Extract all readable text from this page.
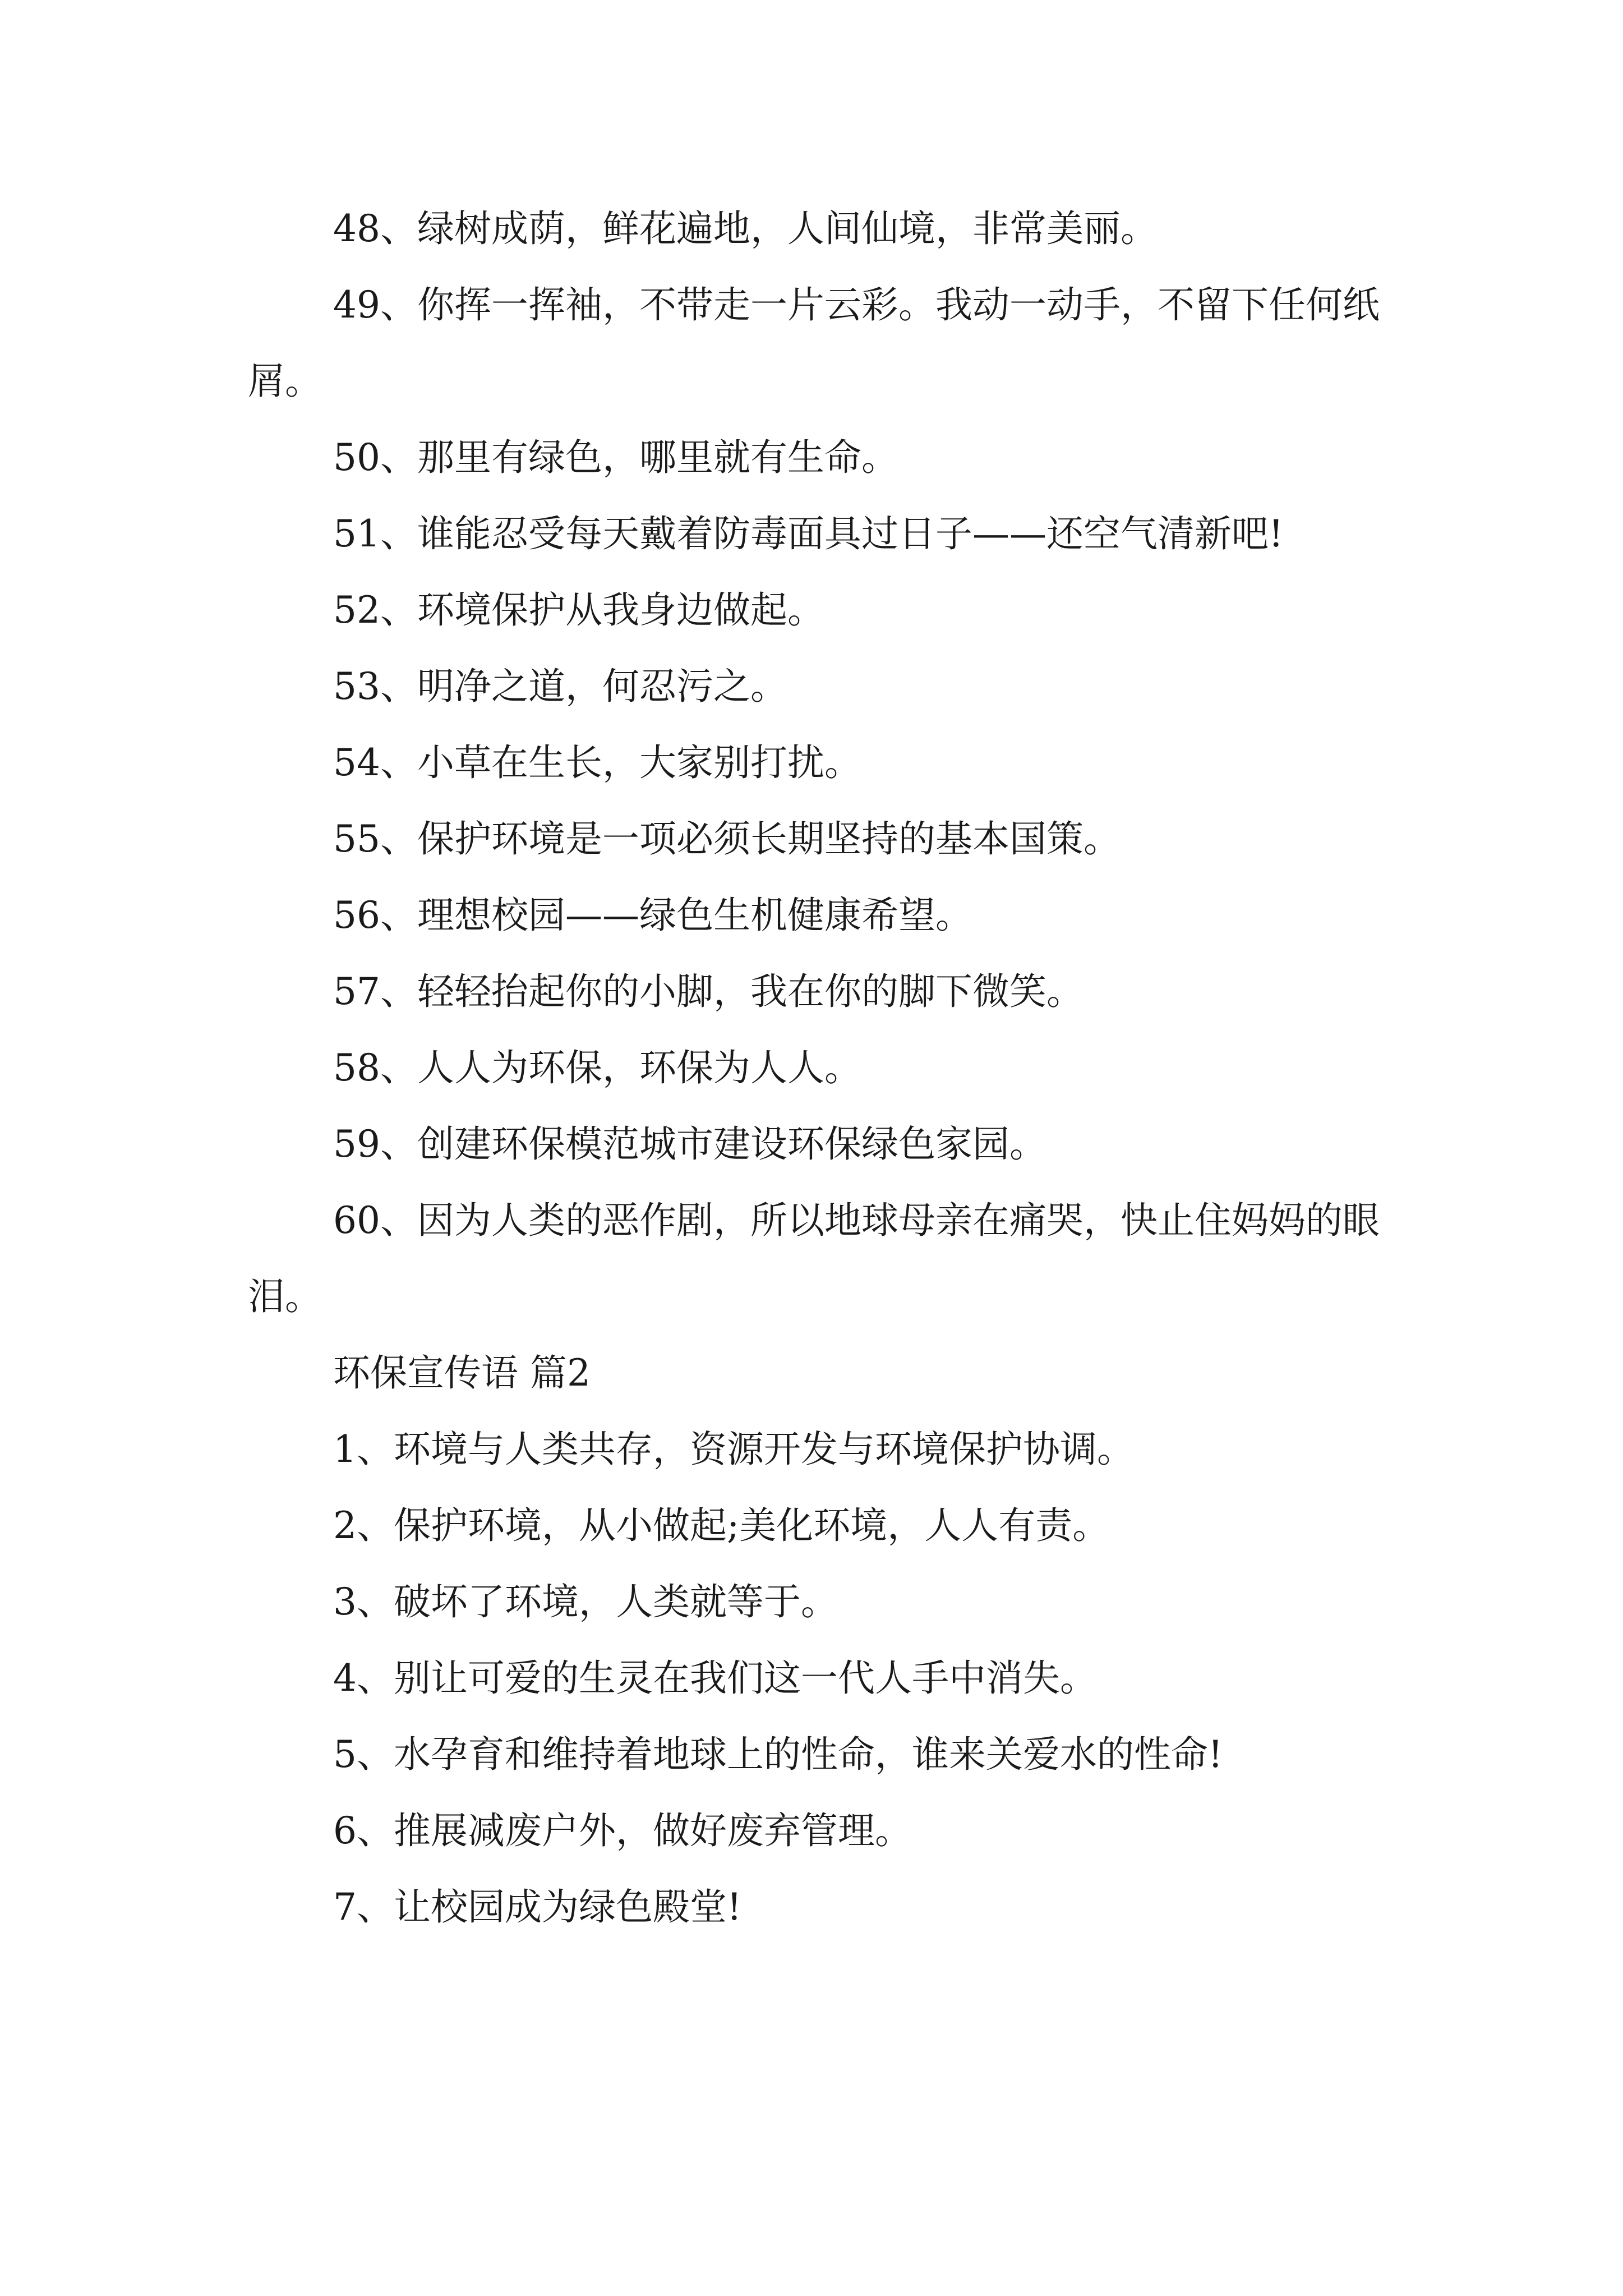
48、绿树成荫，鲜花遍地，人间仙境，非常美丽。

49、你挥一挥袖，不带走一片云彩。我动一动手，不留下任何纸屑。

50、那里有绿色，哪里就有生命。

51、谁能忍受每天戴着防毒面具过日子——还空气清新吧!

52、环境保护从我身边做起。

53、明净之道，何忍污之。

54、小草在生长，大家别打扰。

55、保护环境是一项必须长期坚持的基本国策。

56、理想校园——绿色生机健康希望。

57、轻轻抬起你的小脚，我在你的脚下微笑。

58、人人为环保，环保为人人。

59、创建环保模范城市建设环保绿色家园。

60、因为人类的恶作剧，所以地球母亲在痛哭，快止住妈妈的眼泪。

环保宣传语 篇2

1、环境与人类共存，资源开发与环境保护协调。

2、保护环境，从小做起;美化环境，人人有责。

3、破坏了环境，人类就等于。

4、别让可爱的生灵在我们这一代人手中消失。

5、水孕育和维持着地球上的性命，谁来关爱水的性命!

6、推展减废户外，做好废弃管理。

7、让校园成为绿色殿堂!
